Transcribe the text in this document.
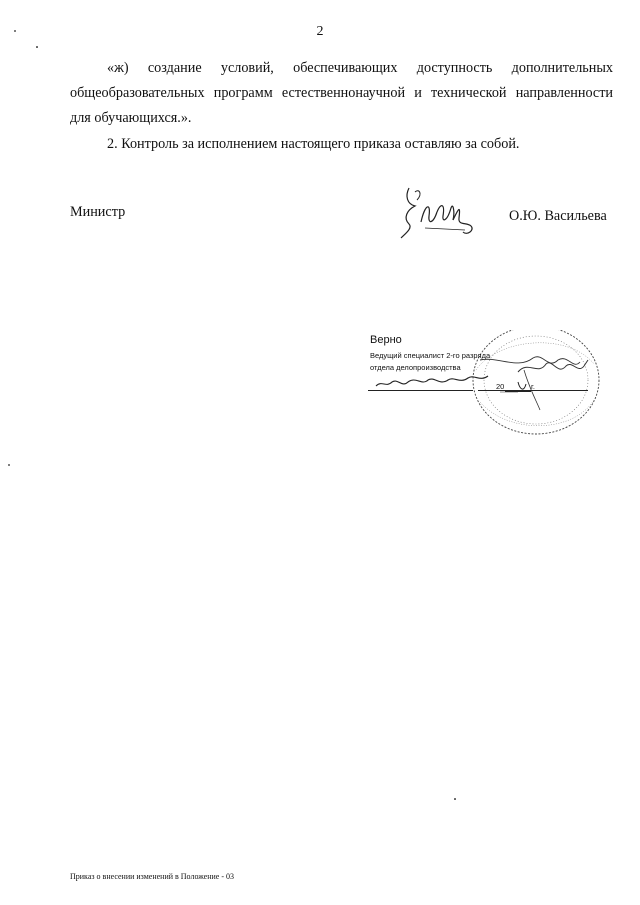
2
«ж) создание условий, обеспечивающих доступность дополнительных
общеобразовательных программ естественнонаучной и технической направленности
для обучающихся.».
2. Контроль за исполнением настоящего приказа оставляю за собой.
Министр	О.Ю. Васильева
Верно
Ведущий специалист 2-го разряда
отдела делопроизводства
20	г.
Приказ о внесении изменений в Положение - 03
